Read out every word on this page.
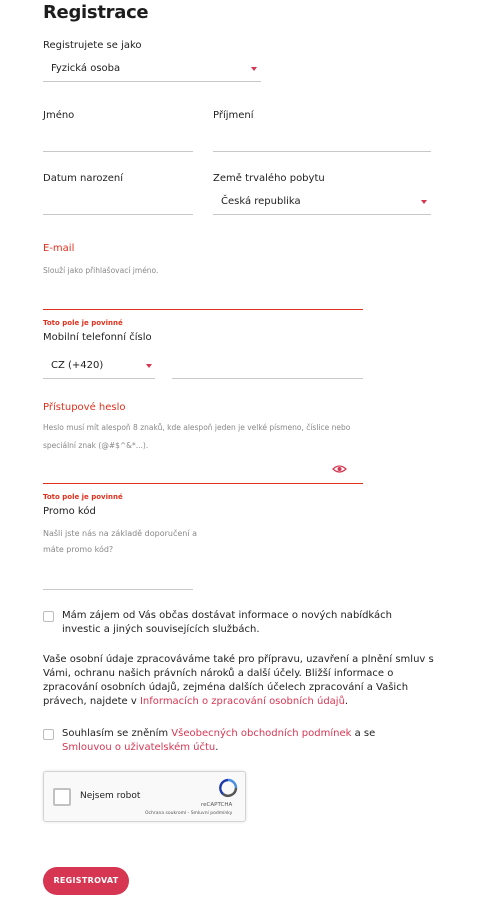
Registrace
Registrujete se jako
Fyzická osoba
Jméno	Příjmení
Datum narození	Země trvalého pobytu
Česká republika
E-mail
Slouží jako přihlašovací jméno.
Toto pole je povinné
Mobilní telefonní číslo
CZ (+420)
Přístupové heslo
Heslo musí mít alespoň 8 znaků, kde alespoň jeden je velké písmeno, číslice nebo speciální znak (@#$^&*...).
Toto pole je povinné
Promo kód
Našli jste nás na základě doporučení a máte promo kód?
Mám zájem od Vás občas dostávat informace o nových nabídkách investic a jiných souvisejících službách.
Vaše osobní údaje zpracováváme také pro přípravu, uzavření a plnění smluv s Vámi, ochranu našich právních nároků a další účely. Bližší informace o zpracování osobních údajů, zejména dalších účelech zpracování a Vašich právech, najdete v Informacích o zpracování osobních údajů.
Souhlasím se zněním Všeobecných obchodních podmínek a se Smlouvou o uživatelském účtu.
Nejsem robot
reCAPTCHA
Ochrana soukromí - Smluvní podmínky
REGISTROVAT
